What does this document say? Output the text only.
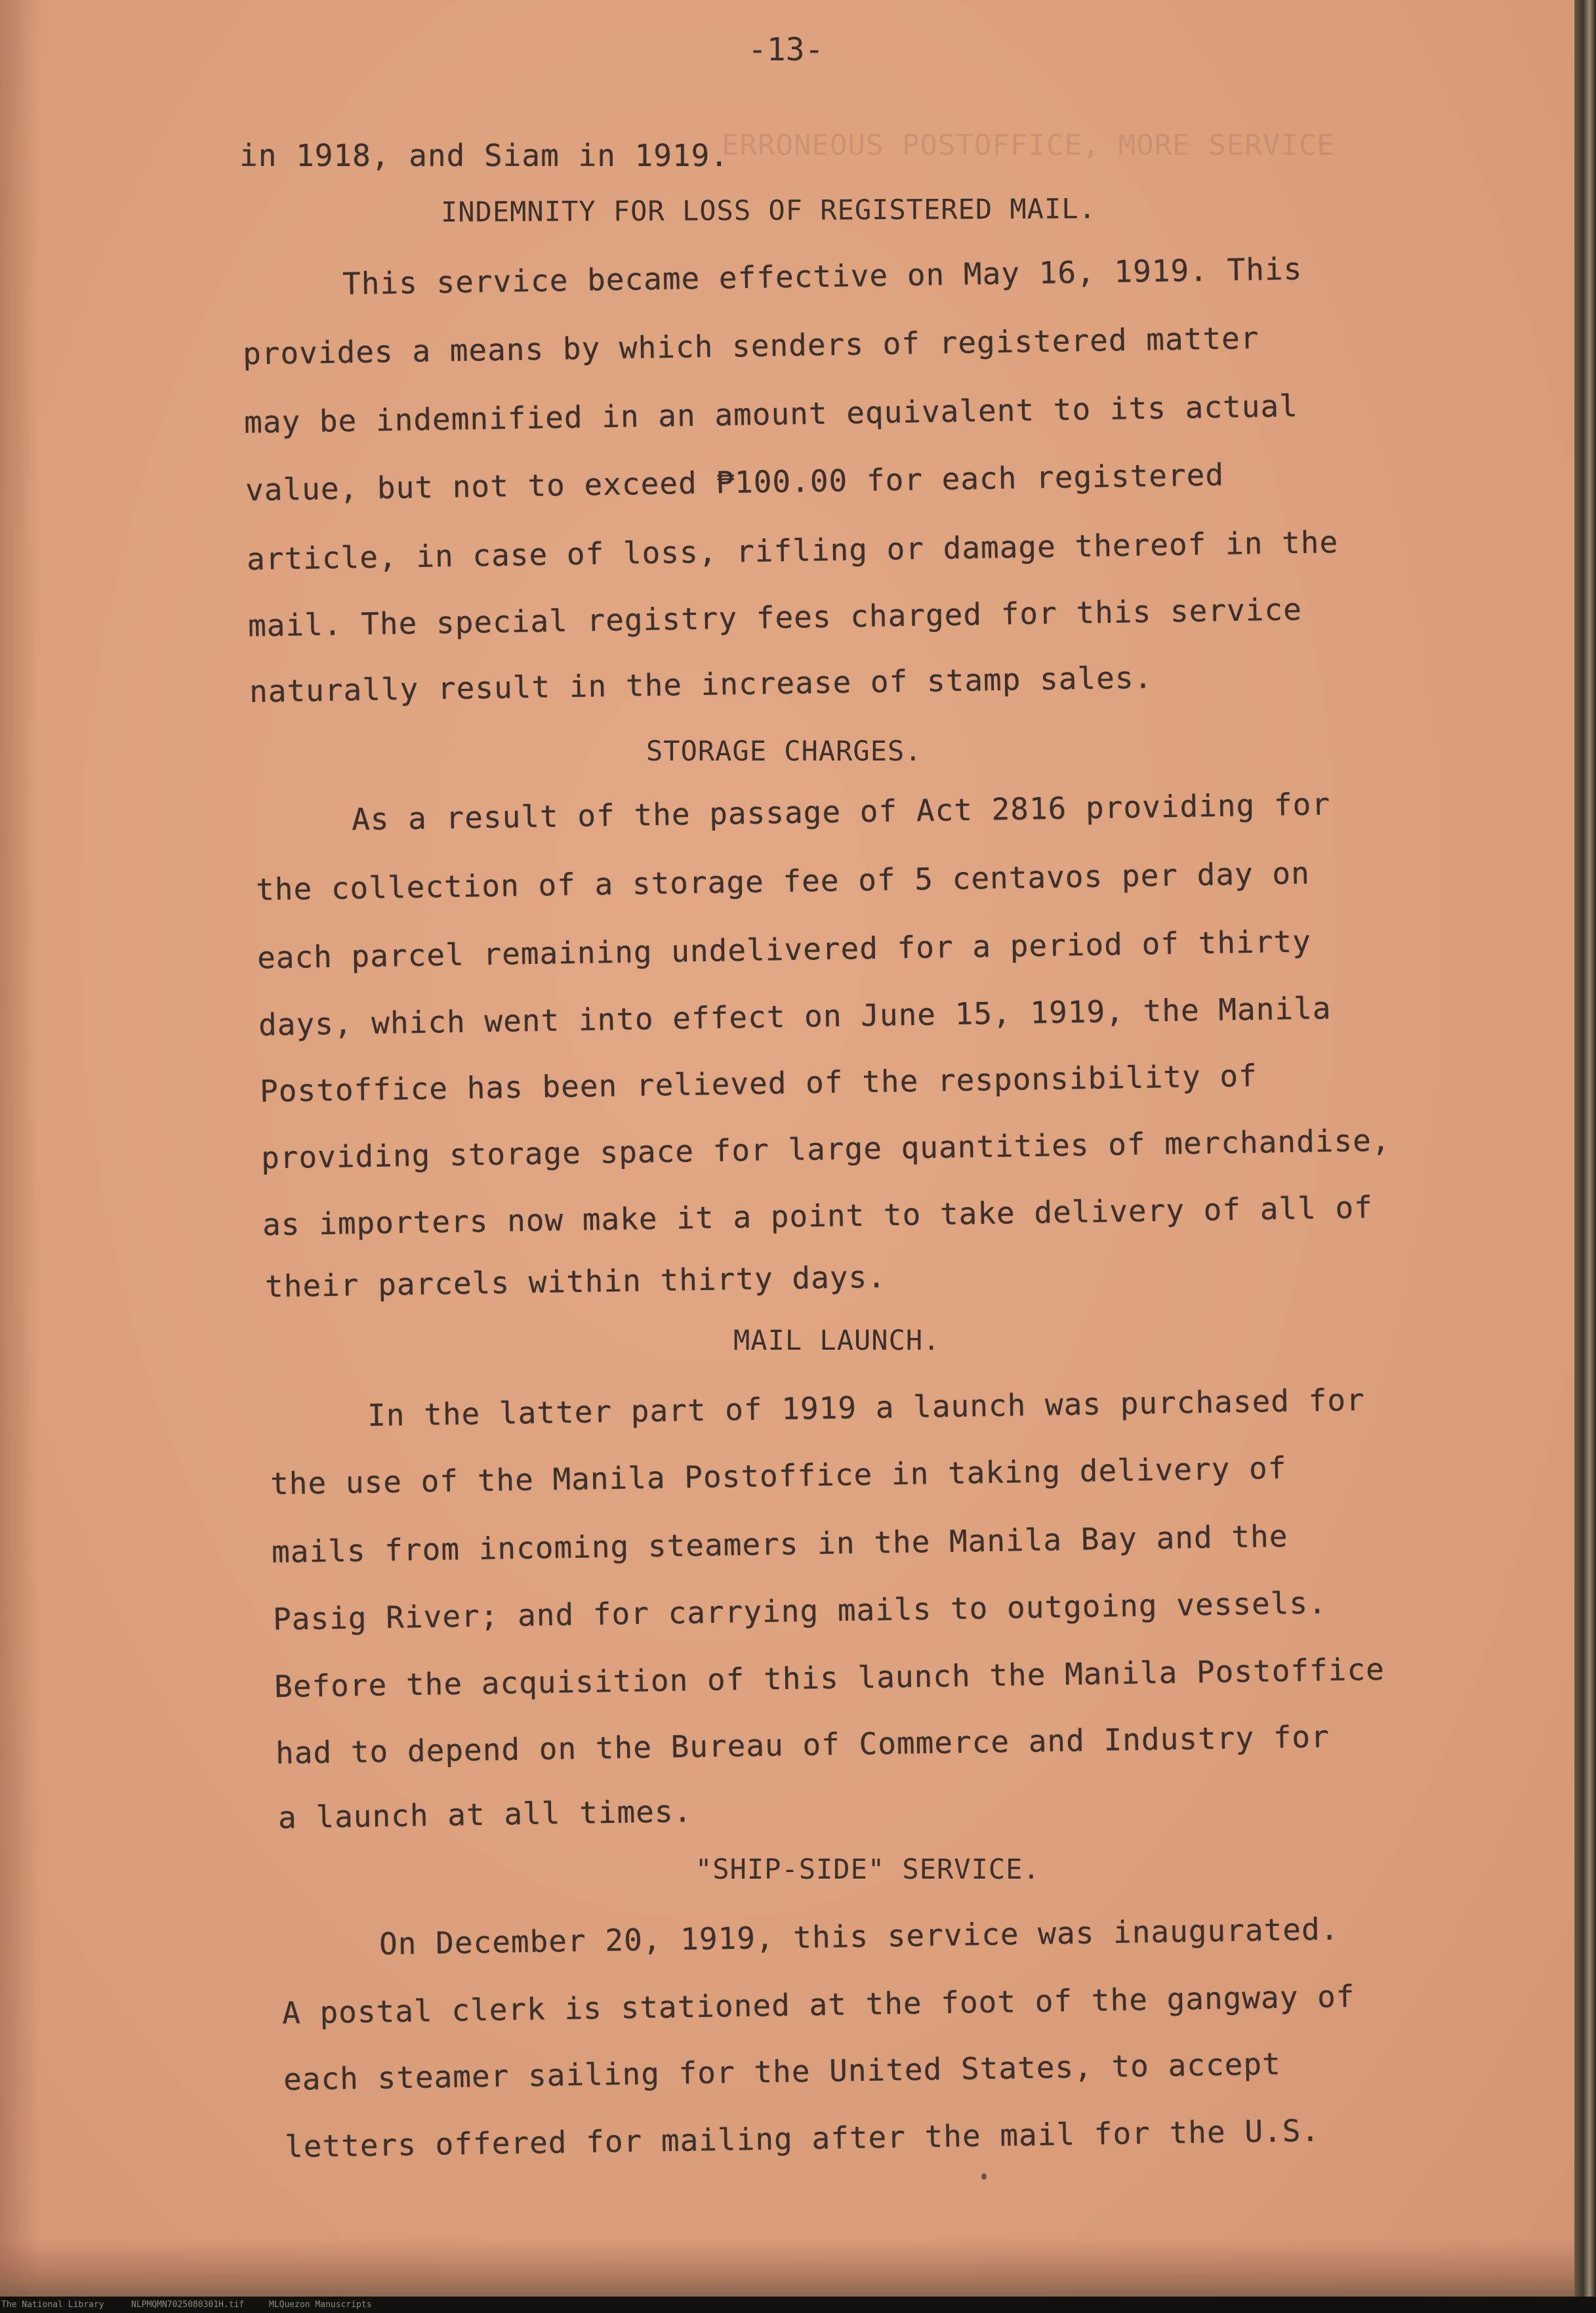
-13-
ERRONEOUS POSTOFFICE, MORE SERVICE
in 1918, and Siam in 1919.
INDEMNITY FOR LOSS OF REGISTERED MAIL.
This service became effective on May 16, 1919. This
provides a means by which senders of registered matter
may be indemnified in an amount equivalent to its actual
value, but not to exceed ₱100.00 for each registered
article, in case of loss, rifling or damage thereof in the
mail. The special registry fees charged for this service
naturally result in the increase of stamp sales.
STORAGE CHARGES.
As a result of the passage of Act 2816 providing for
the collection of a storage fee of 5 centavos per day on
each parcel remaining undelivered for a period of thirty
days, which went into effect on June 15, 1919, the Manila
Postoffice has been relieved of the responsibility of
providing storage space for large quantities of merchandise,
as importers now make it a point to take delivery of all of
their parcels within thirty days.
MAIL LAUNCH.
In the latter part of 1919 a launch was purchased for
the use of the Manila Postoffice in taking delivery of
mails from incoming steamers in the Manila Bay and the
Pasig River; and for carrying mails to outgoing vessels.
Before the acquisition of this launch the Manila Postoffice
had to depend on the Bureau of Commerce and Industry for
a launch at all times.
"SHIP-SIDE" SERVICE.
On December 20, 1919, this service was inaugurated.
A postal clerk is stationed at the foot of the gangway of
each steamer sailing for the United States, to accept
letters offered for mailing after the mail for the U.S.
The National Library	NLPMQMN7025080301H.tif	MLQuezon Manuscripts
